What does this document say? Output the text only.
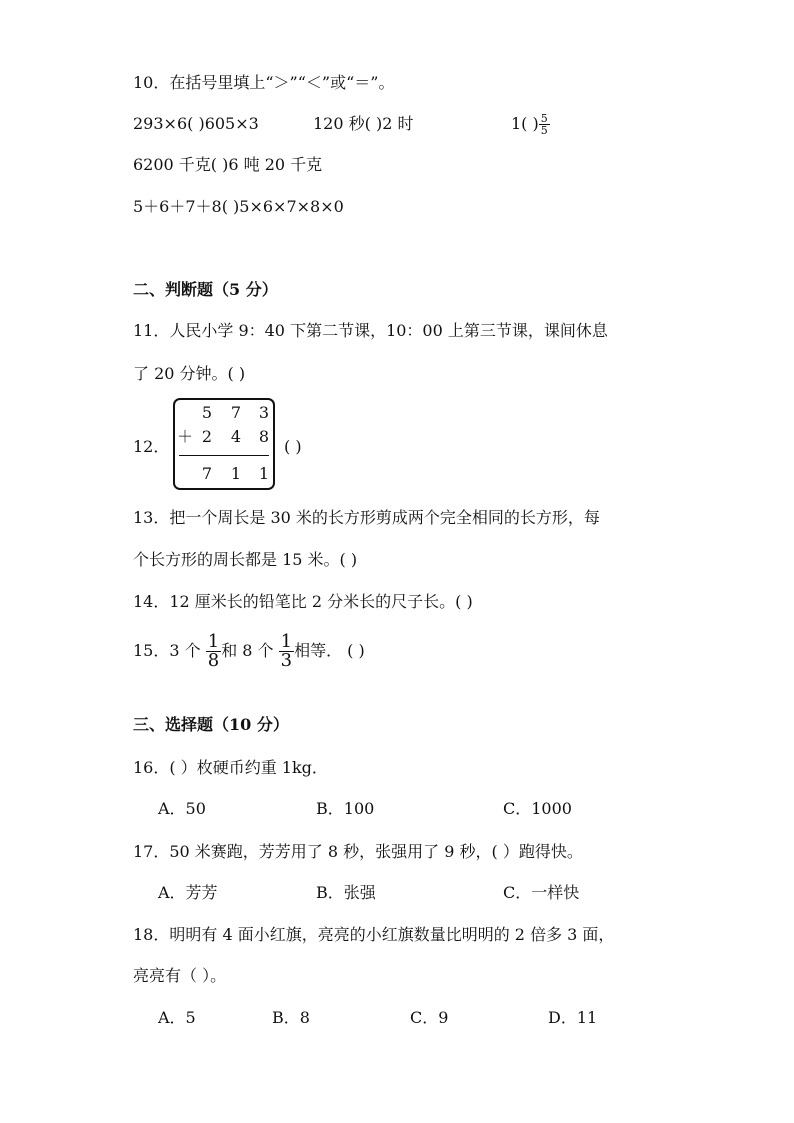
10．在括号里填上“＞”“＜”或“＝”。
293×6( )605×3	120 秒( )2 时	1( ) $\frac{5}{5}$
6200 千克( )6 吨 20 千克
5＋6＋7＋8( )5×6×7×8×0
二、判断题（5 分）
11．人民小学 9：40 下第二节课，10：00 上第三节课，课间休息
了 20 分钟。( )
12．
5 7 3
＋ 2 4 8
7 1 1
( )
13．把一个周长是 30 米的长方形剪成两个完全相同的长方形，每
个长方形的周长都是 15 米。( )
14．12 厘米长的铅笔比 2 分米长的尺子长。( )
15．3 个 $\frac{1}{8}$ 和 8 个 $\frac{1}{3}$ 相等． ( )
三、选择题（10 分）
16．( ）枚硬币约重 1kg．
A．50	B．100	C．1000
17．50 米赛跑，芳芳用了 8 秒，张强用了 9 秒，( ）跑得快。
A．芳芳	B．张强	C．一样快
18．明明有 4 面小红旗，亮亮的小红旗数量比明明的 2 倍多 3 面，
亮亮有（ ）。
A．5	B．8	C．9	D．11
